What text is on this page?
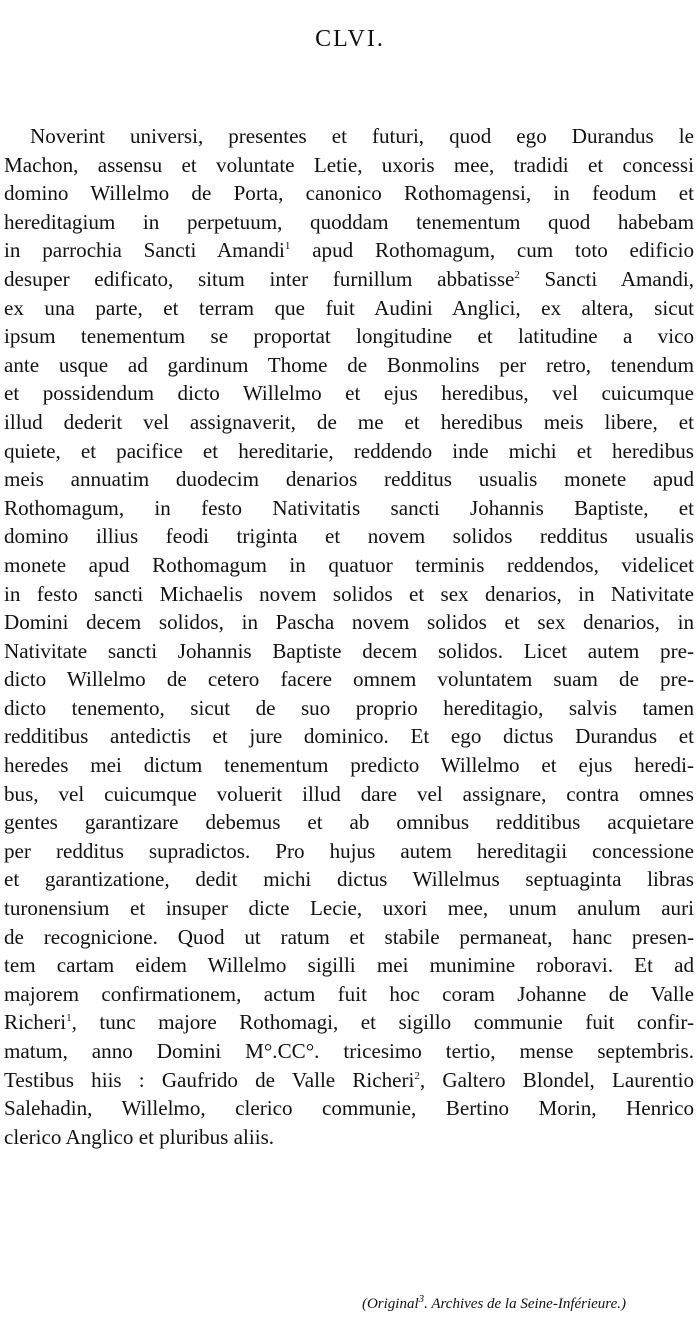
CLVI.
Noverint universi, presentes et futuri, quod ego Durandus le
Machon, assensu et voluntate Letie, uxoris mee, tradidi et concessi
domino Willelmo de Porta, canonico Rothomagensi, in feodum et
hereditagium in perpetuum, quoddam tenementum quod habebam
in parrochia Sancti Amandi$^1$ apud Rothomagum, cum toto edificio
desuper edificato, situm inter furnillum abbatisse$^2$ Sancti Amandi,
ex una parte, et terram que fuit Audini Anglici, ex altera, sicut
ipsum tenementum se proportat longitudine et latitudine a vico
ante usque ad gardinum Thome de Bonmolins per retro, tenendum
et possidendum dicto Willelmo et ejus heredibus, vel cuicumque
illud dederit vel assignaverit, de me et heredibus meis libere, et
quiete, et pacifice et hereditarie, reddendo inde michi et heredibus
meis annuatim duodecim denarios redditus usualis monete apud
Rothomagum, in festo Nativitatis sancti Johannis Baptiste, et
domino illius feodi triginta et novem solidos redditus usualis
monete apud Rothomagum in quatuor terminis reddendos, videlicet
in festo sancti Michaelis novem solidos et sex denarios, in Nativitate
Domini decem solidos, in Pascha novem solidos et sex denarios, in
Nativitate sancti Johannis Baptiste decem solidos. Licet autem pre-
dicto Willelmo de cetero facere omnem voluntatem suam de pre-
dicto tenemento, sicut de suo proprio hereditagio, salvis tamen
redditibus antedictis et jure dominico. Et ego dictus Durandus et
heredes mei dictum tenementum predicto Willelmo et ejus heredi-
bus, vel cuicumque voluerit illud dare vel assignare, contra omnes
gentes garantizare debemus et ab omnibus redditibus acquietare
per redditus supradictos. Pro hujus autem hereditagii concessione
et garantizatione, dedit michi dictus Willelmus septuaginta libras
turonensium et insuper dicte Lecie, uxori mee, unum anulum auri
de recognicione. Quod ut ratum et stabile permaneat, hanc presen-
tem cartam eidem Willelmo sigilli mei munimine roboravi. Et ad
majorem confirmationem, actum fuit hoc coram Johanne de Valle
Richeri$^1$, tunc majore Rothomagi, et sigillo communie fuit confir-
matum, anno Domini M°.CC°. tricesimo tertio, mense septembris.
Testibus hiis : Gaufrido de Valle Richeri$^2$, Galtero Blondel, Laurentio
Salehadin, Willelmo, clerico communie, Bertino Morin, Henrico
clerico Anglico et pluribus aliis.
(Original$^3$. Archives de la Seine-Inférieure.)
